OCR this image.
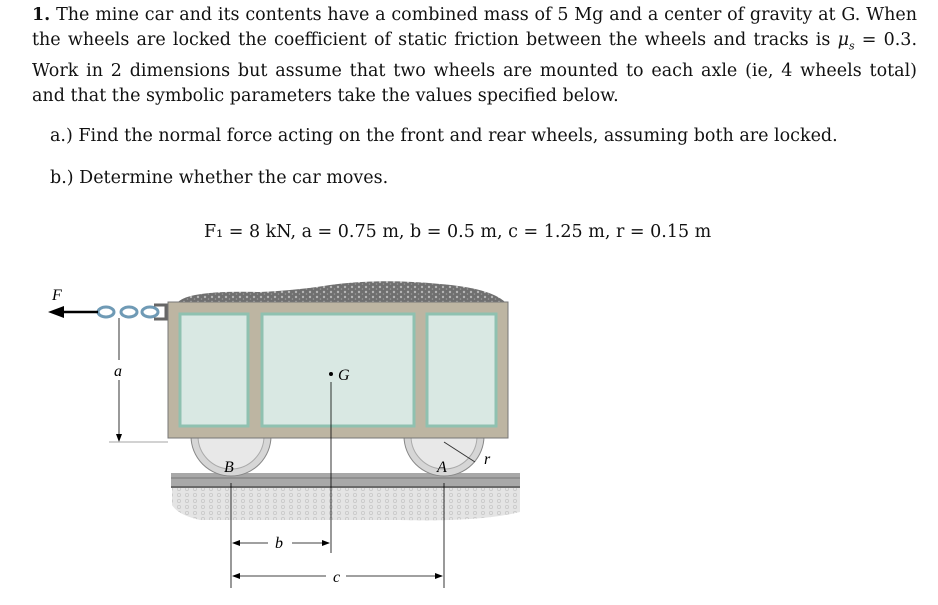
1. The mine car and its contents have a combined mass of 5 Mg and a center of gravity at G. When the wheels are locked the coefficient of static friction between the wheels and tracks is $\mu_s = 0.3$. Work in 2 dimensions but assume that two wheels are mounted to each axle (ie, 4 wheels total) and that the symbolic parameters take the values specified below.
a.) Find the normal force acting on the front and rear wheels, assuming both are locked.
b.) Determine whether the car moves.
F₁ = 8 kN, a = 0.75 m, b = 0.5 m, c = 1.25 m, r = 0.15 m
F
a	G
B	A r
b
c
